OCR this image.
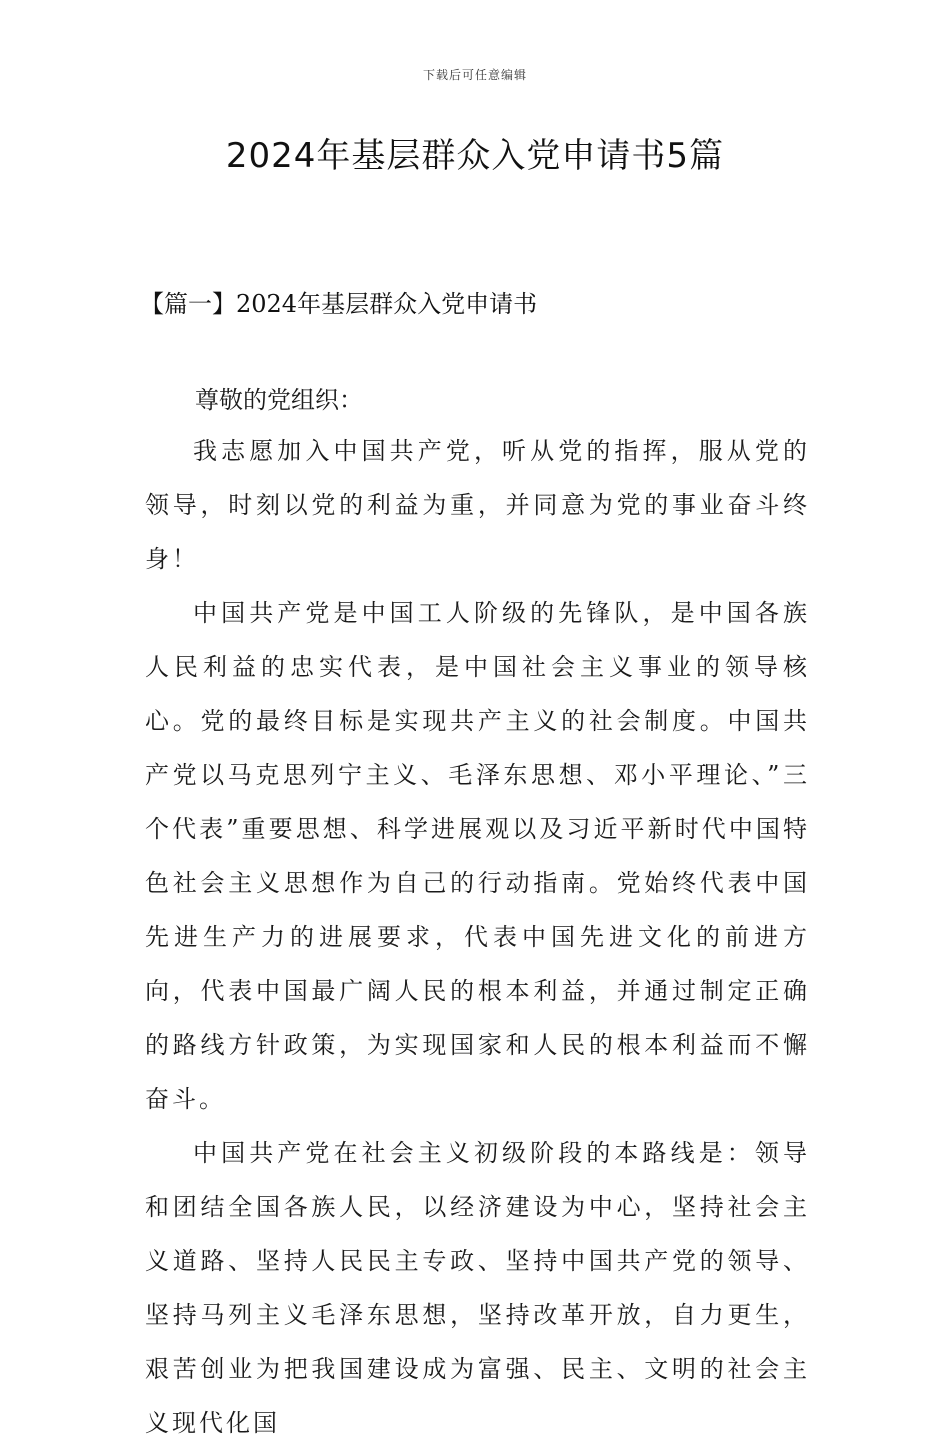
下载后可任意编辑
2024年基层群众入党申请书5篇
【篇一】2024年基层群众入党申请书
尊敬的党组织：

我志愿加入中国共产党，听从党的指挥，服从党的领导，时刻以党的利益为重，并同意为党的事业奋斗终身！

中国共产党是中国工人阶级的先锋队，是中国各族人民利益的忠实代表，是中国社会主义事业的领导核心。党的最终目标是实现共产主义的社会制度。中国共产党以马克思列宁主义、毛泽东思想、邓小平理论、”三个代表”重要思想、科学进展观以及习近平新时代中国特色社会主义思想作为自己的行动指南。党始终代表中国先进生产力的进展要求，代表中国先进文化的前进方向，代表中国最广阔人民的根本利益，并通过制定正确的路线方针政策，为实现国家和人民的根本利益而不懈奋斗。

中国共产党在社会主义初级阶段的本路线是：领导和团结全国各族人民，以经济建设为中心，坚持社会主义道路、坚持人民民主专政、坚持中国共产党的领导、坚持马列主义毛泽东思想，坚持改革开放，自力更生，艰苦创业为把我国建设成为富强、民主、文明的社会主义现代化国
